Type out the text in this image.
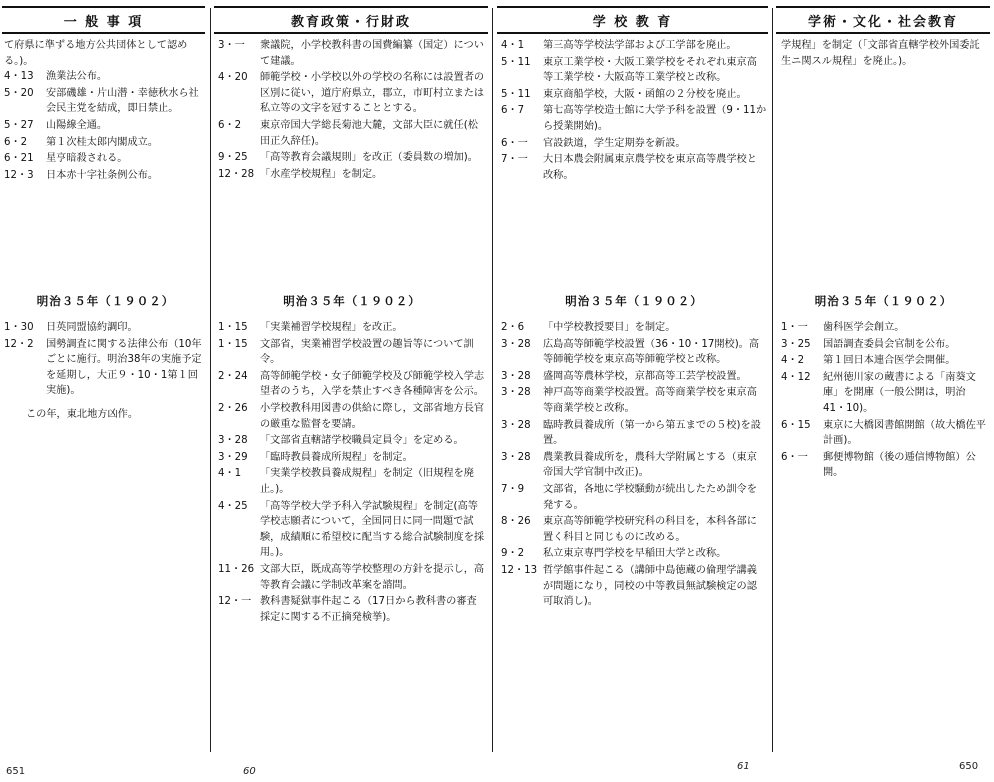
一 般 事 項	教育政策・行財政	学 校 教 育	学術・文化・社会教育

て府県に準ずる地方公共団体として認める。)。

4・13	漁業法公布。
5・20	安部磯雄・片山潜・幸徳秋水ら社会民主党を結成，即日禁止。
5・27	山陽線全通。
6・2	第１次桂太郎内閣成立。
6・21	星亨暗殺される。
12・3	日本赤十字社条例公布。
3・一	衆議院，小学校教科書の国費編纂（国定）について建議。
4・20	師範学校・小学校以外の学校の名称には設置者の区別に従い，道庁府県立，郡立，市町村立または私立等の文字を冠することとする。
6・2	東京帝国大学総長菊池大麓，文部大臣に就任(松田正久辞任)。
9・25	「高等教育会議規則」を改正（委員数の増加)。
12・28 「水産学校規程」を制定。
4・1	第三高等学校法学部および工学部を廃止。
5・11	東京工業学校・大阪工業学校をそれぞれ東京高等工業学校・大阪高等工業学校と改称。
5・11	東京商船学校，大阪・函館の２分校を廃止。
6・7	第七高等学校造士館に大学予科を設置（9・11から授業開始)。
6・一	官設鉄道，学生定期券を新設。
7・一	大日本農会附属東京農学校を東京高等農学校と改称。

学規程」を制定（「文部省直轄学校外国委託生ニ関スル規程」を廃止。)。

明治３５年（１９０２）	明治３５年（１９０２）	明治３５年（１９０２）	明治３５年（１９０２）
1・30	日英同盟協約調印。
12・2	国勢調査に関する法律公布（10年ごとに施行。明治38年の実施予定を延期し，大正９・10・1第１回実施)。
この年，東北地方凶作。
1・15	「実業補習学校規程」を改正。
1・15	文部省，実業補習学校設置の趣旨等について訓令。
2・24	高等師範学校・女子師範学校及び師範学校入学志望者のうち，入学を禁止すべき各種障害を公示。
2・26	小学校教科用図書の供給に際し，文部省地方長官の厳重な監督を要請。
3・28	「文部省直轄諸学校職員定員令」を定める。
3・29	「臨時教員養成所規程」を制定。
4・1	「実業学校教員養成規程」を制定（旧規程を廃止。)。
4・25	「高等学校大学予科入学試験規程」を制定(高等学校志願者について，全国同日に同一問題で試験，成績順に希望校に配当する総合試験制度を採用。)。
11・26 文部大臣，既成高等学校整理の方針を提示し，高等教育会議に学制改革案を諮問。
12・一 教科書疑獄事件起こる（17日から教科書の審査採定に関する不正摘発検挙)。
2・6	「中学校教授要目」を制定。
3・28	広島高等師範学校設置（36・10・17開校)。高等師範学校を東京高等師範学校と改称。
3・28	盛岡高等農林学校，京都高等工芸学校設置。
3・28	神戸高等商業学校設置。高等商業学校を東京高等商業学校と改称。
3・28	臨時教員養成所（第一から第五までの５校)を設置。
3・28	農業教員養成所を，農科大学附属とする（東京帝国大学官制中改正)。
7・9	文部省，各地に学校騒動が続出したため訓令を発する。
8・26	東京高等師範学校研究科の科目を，本科各部に置く科目と同じものに改める。
9・2	私立東京専門学校を早稲田大学と改称。
12・13 哲学館事件起こる（講師中島徳蔵の倫理学講義が問題になり，同校の中等教員無試験検定の認可取消し)。
1・一	歯科医学会創立。
3・25	国語調査委員会官制を公布。
4・2	第１回日本連合医学会開催。
4・12	紀州徳川家の蔵書による「南葵文庫」を開庫（一般公開は，明治41・10)。
6・15	東京に大橋図書館開館（故大橋佐平計画)。
6・一	郵便博物館（後の逓信博物館）公開。
651	60	61	650
